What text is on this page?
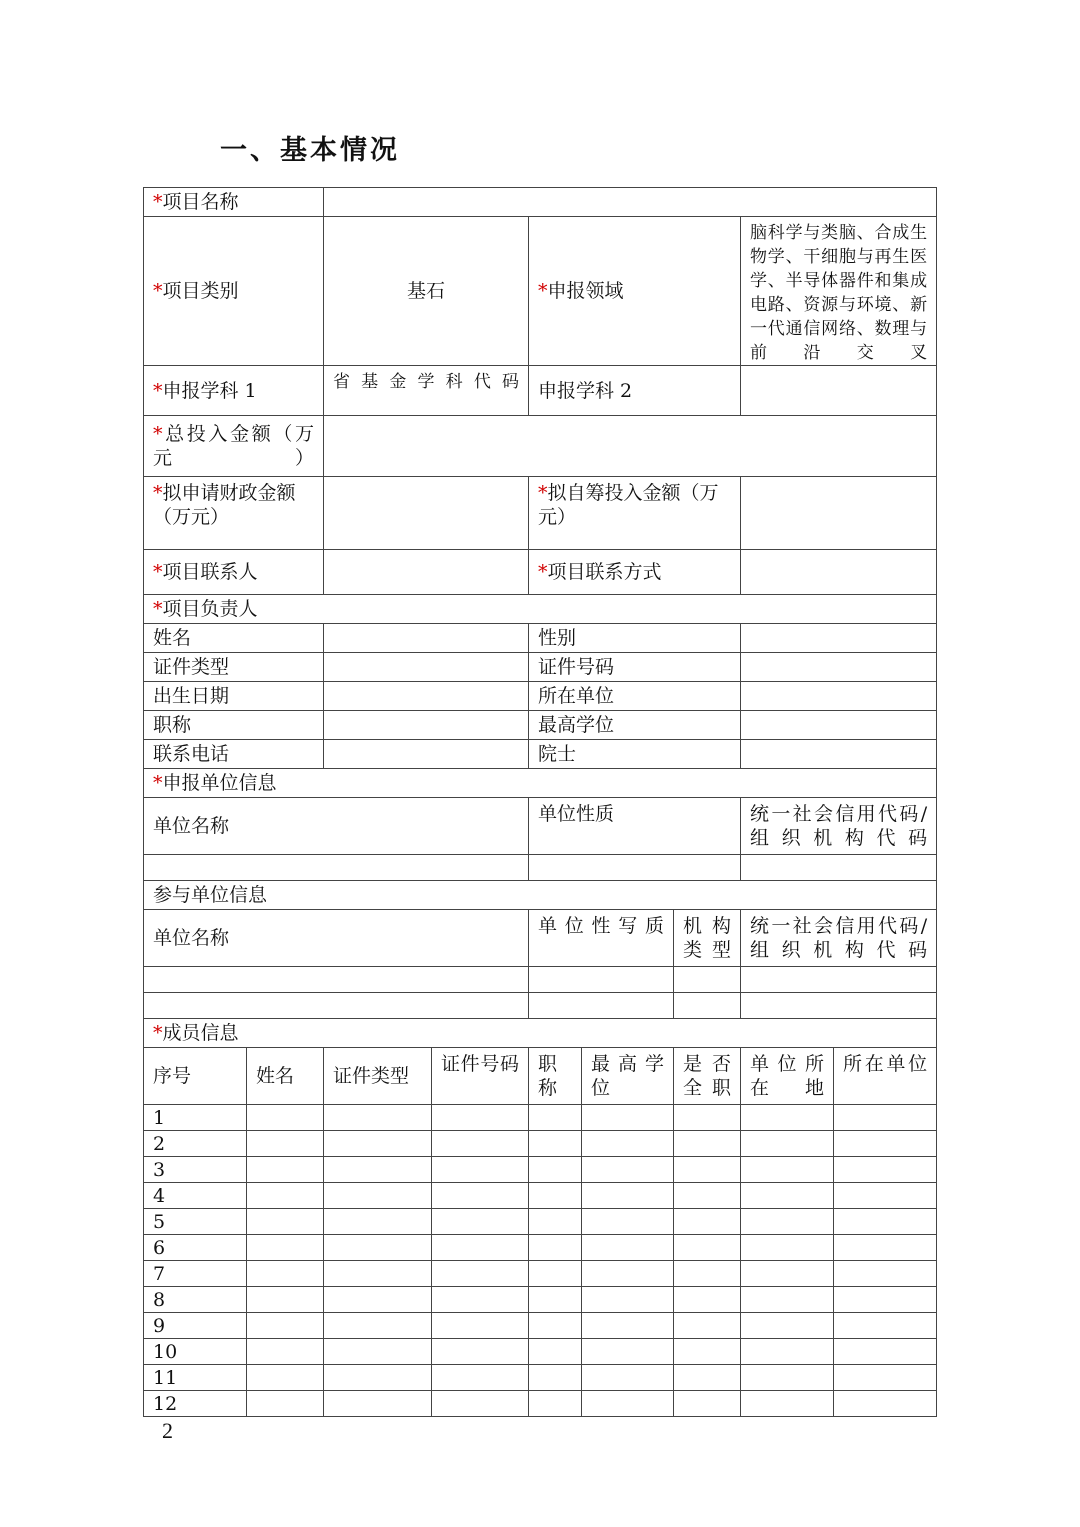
一、基本情况
*项目名称								
*项目类别		基石		*申报领域			脑科学与类脑、合成生物学、干细胞与再生医学、半导体器件和集成电路、资源与环境、新一代通信网络、数理与前沿交叉	
*申报学科 1		省基金学科代码		申报学科 2				
*总投入金额（万元）								
*拟申请财政金额（万元）				*拟自筹投入金额（万元）				
*项目联系人				*项目联系方式				
*项目负责人								
姓名				性别				
证件类型				证件号码				
出生日期				所在单位				
职称				最高学位				
联系电话				院士				
*申报单位信息								
单位名称				单位性质			统一社会信用代码/组织机构代码	

参与单位信息								
单位名称				单位性写质		机构类型	统一社会信用代码/组织机构代码	

*成员信息								
序号	姓名	证件类型	证件号码	职称	最高学位	是否全职	单位所在地	所在单位
1								
2								
3								
4								
5								
6								
7								
8								
9								
10								
11								
12								

2
